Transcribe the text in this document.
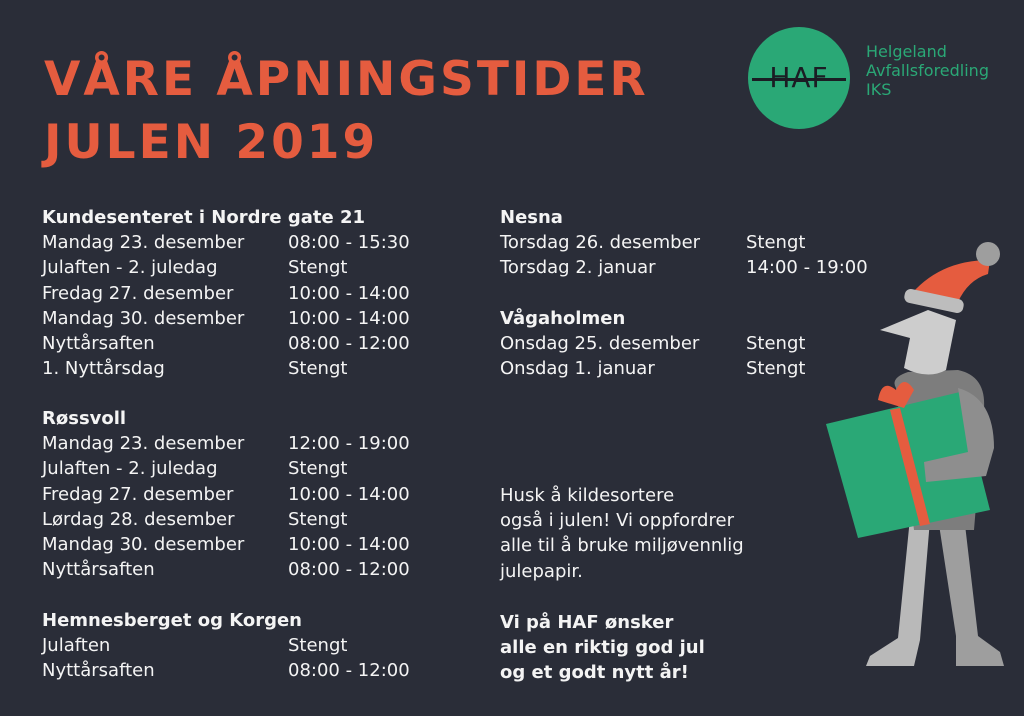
VÅRE ÅPNINGSTIDER
JULEN 2019
HAF
Helgeland
Avfallsforedling
IKS
Kundesenteret i Nordre gate 21
Mandag 23. desember	08:00 - 15:30
Julaften - 2. juledag	Stengt
Fredag 27. desember	10:00 - 14:00
Mandag 30. desember	10:00 - 14:00
Nyttårsaften	08:00 - 12:00
1. Nyttårsdag	Stengt
Røssvoll
Mandag 23. desember	12:00 - 19:00
Julaften - 2. juledag	Stengt
Fredag 27. desember	10:00 - 14:00
Lørdag 28. desember	Stengt
Mandag 30. desember	10:00 - 14:00
Nyttårsaften	08:00 - 12:00
Hemnesberget og Korgen
Julaften	Stengt
Nyttårsaften	08:00 - 12:00
Nesna
Torsdag 26. desember	Stengt
Torsdag 2. januar	14:00 - 19:00
Vågaholmen
Onsdag 25. desember	Stengt
Onsdag 1. januar	Stengt
Husk å kildesortere
også i julen! Vi oppfordrer
alle til å bruke miljøvennlig
julepapir.
Vi på HAF ønsker
alle en riktig god jul
og et godt nytt år!
